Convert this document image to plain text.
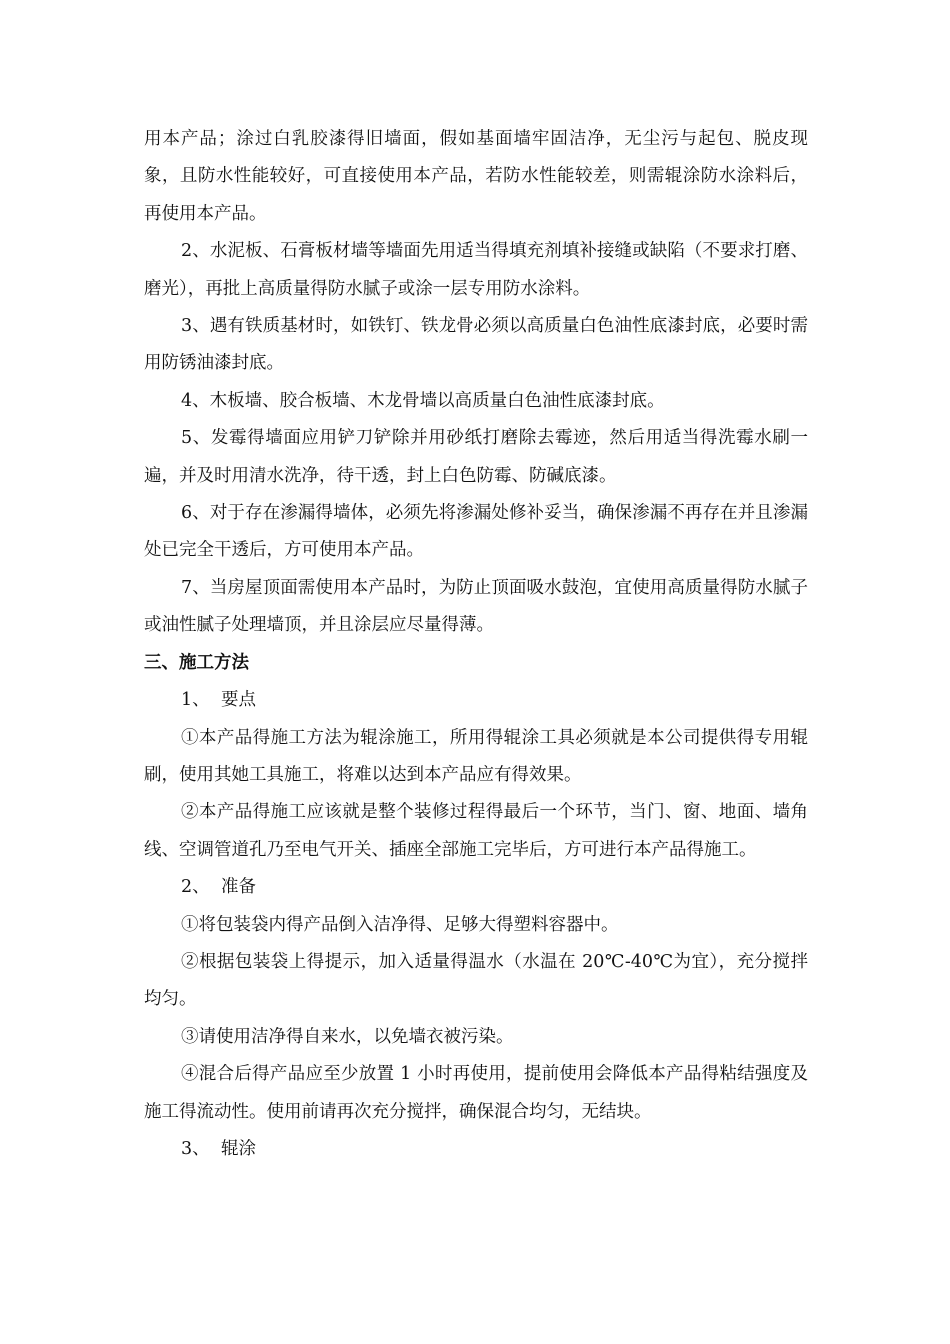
用本产品；涂过白乳胶漆得旧墙面，假如基面墙牢固洁净，无尘污与起包、脱皮现象，且防水性能较好，可直接使用本产品，若防水性能较差，则需辊涂防水涂料后，再使用本产品。

2、水泥板、石膏板材墙等墙面先用适当得填充剂填补接缝或缺陷（不要求打磨、磨光），再批上高质量得防水腻子或涂一层专用防水涂料。

3、遇有铁质基材时，如铁钉、铁龙骨必须以高质量白色油性底漆封底，必要时需用防锈油漆封底。

4、木板墙、胶合板墙、木龙骨墙以高质量白色油性底漆封底。

5、发霉得墙面应用铲刀铲除并用砂纸打磨除去霉迹，然后用适当得洗霉水刷一遍，并及时用清水洗净，待干透，封上白色防霉、防碱底漆。

6、对于存在渗漏得墙体，必须先将渗漏处修补妥当，确保渗漏不再存在并且渗漏处已完全干透后，方可使用本产品。

7、当房屋顶面需使用本产品时，为防止顶面吸水鼓泡，宜使用高质量得防水腻子或油性腻子处理墙顶，并且涂层应尽量得薄。

三、施工方法

1、 要点

①本产品得施工方法为辊涂施工，所用得辊涂工具必须就是本公司提供得专用辊刷，使用其她工具施工，将难以达到本产品应有得效果。

②本产品得施工应该就是整个装修过程得最后一个环节，当门、窗、地面、墙角线、空调管道孔乃至电气开关、插座全部施工完毕后，方可进行本产品得施工。

2、 准备

①将包装袋内得产品倒入洁净得、足够大得塑料容器中。

②根据包装袋上得提示，加入适量得温水（水温在 20℃-40℃为宜），充分搅拌均匀。

③请使用洁净得自来水，以免墙衣被污染。

④混合后得产品应至少放置 1 小时再使用，提前使用会降低本产品得粘结强度及施工得流动性。使用前请再次充分搅拌，确保混合均匀，无结块。

3、 辊涂
